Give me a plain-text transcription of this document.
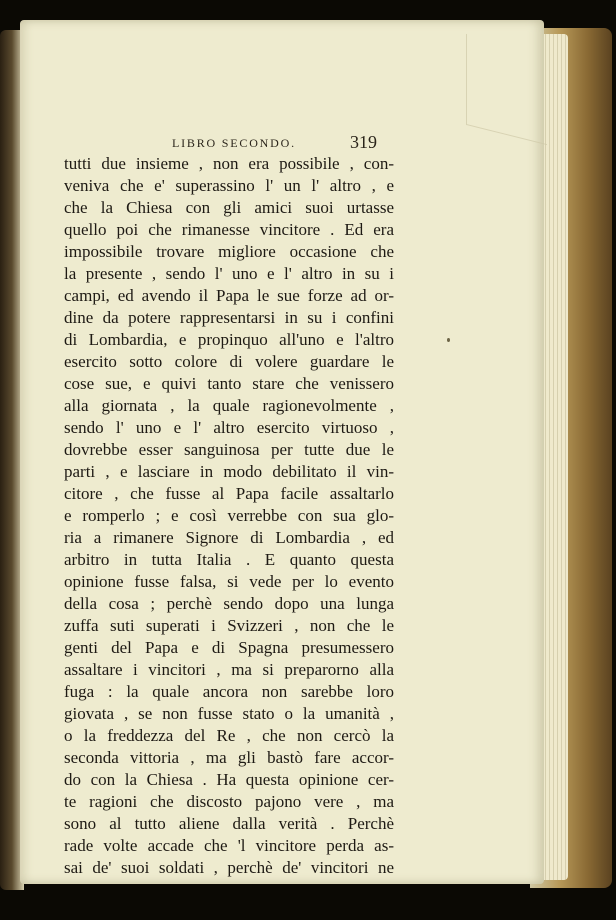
LIBRO SECONDO.	319
tutti due insieme , non era possibile , con-
veniva che e' superassino l' un l' altro , e
che la Chiesa con gli amici suoi urtasse
quello poi che rimanesse vincitore . Ed era
impossibile trovare migliore occasione che
la presente , sendo l' uno e l' altro in su i
campi, ed avendo il Papa le sue forze ad or-
dine da potere rappresentarsi in su i confini
di Lombardia, e propinquo all'uno e l'altro
esercito sotto colore di volere guardare le
cose sue, e quivi tanto stare che venissero
alla giornata , la quale ragionevolmente ,
sendo l' uno e l' altro esercito virtuoso ,
dovrebbe esser sanguinosa per tutte due le
parti , e lasciare in modo debilitato il vin-
citore , che fusse al Papa facile assaltarlo
e romperlo ; e così verrebbe con sua glo-
ria a rimanere Signore di Lombardia , ed
arbitro in tutta Italia . E quanto questa
opinione fusse falsa, si vede per lo evento
della cosa ; perchè sendo dopo una lunga
zuffa suti superati i Svizzeri , non che le
genti del Papa e di Spagna presumessero
assaltare i vincitori , ma si preparorno alla
fuga : la quale ancora non sarebbe loro
giovata , se non fusse stato o la umanità ,
o la freddezza del Re , che non cercò la
seconda vittoria , ma gli bastò fare accor-
do con la Chiesa . Ha questa opinione cer-
te ragioni che discosto pajono vere , ma
sono al tutto aliene dalla verità . Perchè
rade volte accade che 'l vincitore perda as-
sai de' suoi soldati , perchè de' vincitori ne
